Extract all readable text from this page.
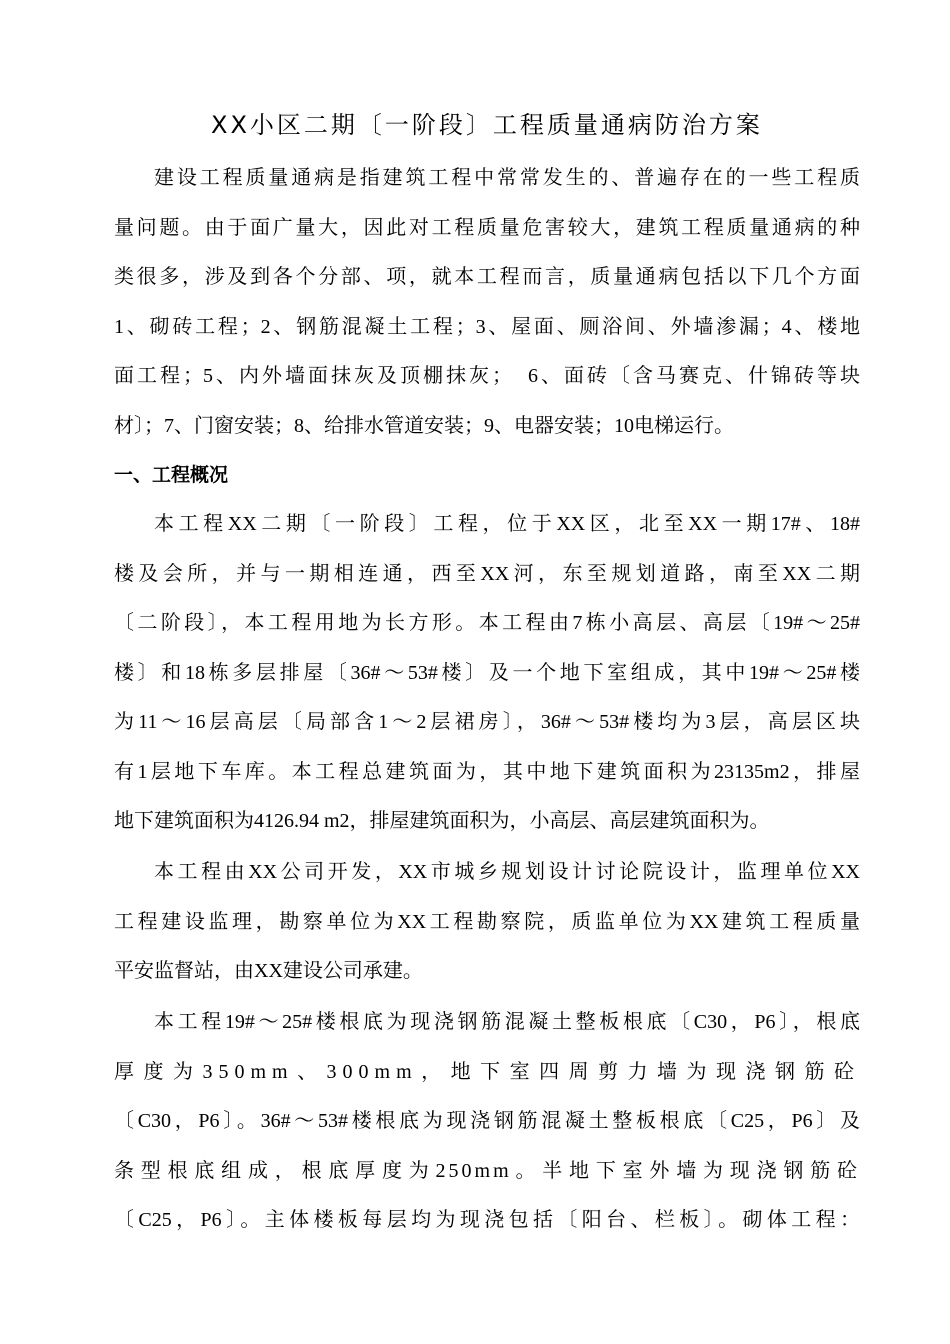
XX小区二期〔一阶段〕工程质量通病防治方案
建设工程质量通病是指建筑工程中常常发生的、普遍存在的一些工程质
量问题。由于面广量大，因此对工程质量危害较大，建筑工程质量通病的种
类很多，涉及到各个分部、项，就本工程而言，质量通病包括以下几个方面
1、砌砖工程；2、钢筋混凝土工程；3、屋面、厕浴间、外墙渗漏；4、楼地
面工程；5、内外墙面抹灰及顶棚抹灰；　6、面砖〔含马赛克、什锦砖等块
材〕；7、门窗安装；8、给排水管道安装；9、电器安装；10电梯运行。
一、工程概况
本工程XX二期〔一阶段〕工程，位于XX区，北至XX一期17#、18#
楼及会所，并与一期相连通，西至XX河，东至规划道路，南至XX二期
〔二阶段〕，本工程用地为长方形。本工程由7栋小高层、高层〔19#～25#
楼〕和18栋多层排屋〔36#～53#楼〕及一个地下室组成，其中19#～25#楼
为11～16层高层〔局部含1～2层裙房〕，36#～53#楼均为3层，高层区块
有1层地下车库。本工程总建筑面为，其中地下建筑面积为23135m2，排屋
地下建筑面积为4126.94 m2，排屋建筑面积为，小高层、高层建筑面积为。
本工程由XX公司开发，XX市城乡规划设计讨论院设计，监理单位XX
工程建设监理，勘察单位为XX工程勘察院，质监单位为XX建筑工程质量
平安监督站，由XX建设公司承建。
本工程19#～25#楼根底为现浇钢筋混凝土整板根底〔C30，P6〕，根底
厚度为350mm、300mm，地下室四周剪力墙为现浇钢筋砼
〔C30，P6〕。36#～53#楼根底为现浇钢筋混凝土整板根底〔C25，P6〕及
条型根底组成，根底厚度为250mm。半地下室外墙为现浇钢筋砼
〔C25，P6〕。主体楼板每层均为现浇包括〔阳台、栏板〕。砌体工程：
